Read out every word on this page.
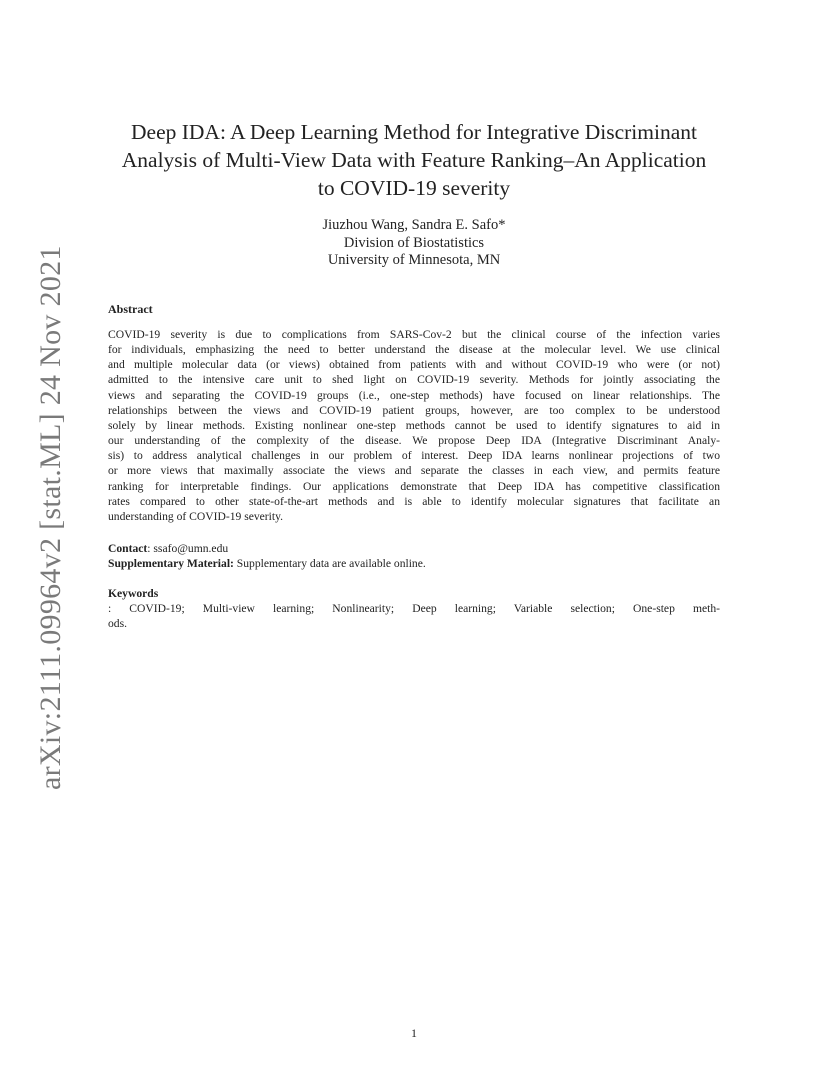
arXiv:2111.09964v2 [stat.ML] 24 Nov 2021
Deep IDA: A Deep Learning Method for Integrative Discriminant
Analysis of Multi-View Data with Feature Ranking–An Application
to COVID-19 severity
Jiuzhou Wang, Sandra E. Safo*
Division of Biostatistics
University of Minnesota, MN
Abstract
COVID-19 severity is due to complications from SARS-Cov-2 but the clinical course of the infection varies
for individuals, emphasizing the need to better understand the disease at the molecular level. We use clinical
and multiple molecular data (or views) obtained from patients with and without COVID-19 who were (or not)
admitted to the intensive care unit to shed light on COVID-19 severity. Methods for jointly associating the
views and separating the COVID-19 groups (i.e., one-step methods) have focused on linear relationships. The
relationships between the views and COVID-19 patient groups, however, are too complex to be understood
solely by linear methods. Existing nonlinear one-step methods cannot be used to identify signatures to aid in
our understanding of the complexity of the disease. We propose Deep IDA (Integrative Discriminant Analy-
sis) to address analytical challenges in our problem of interest. Deep IDA learns nonlinear projections of two
or more views that maximally associate the views and separate the classes in each view, and permits feature
ranking for interpretable findings. Our applications demonstrate that Deep IDA has competitive classification
rates compared to other state-of-the-art methods and is able to identify molecular signatures that facilitate an
understanding of COVID-19 severity.
Contact: ssafo@umn.edu
Supplementary Material: Supplementary data are available online.
Keywords
: COVID-19; Multi-view learning; Nonlinearity; Deep learning; Variable selection; One-step meth-
ods.
1
